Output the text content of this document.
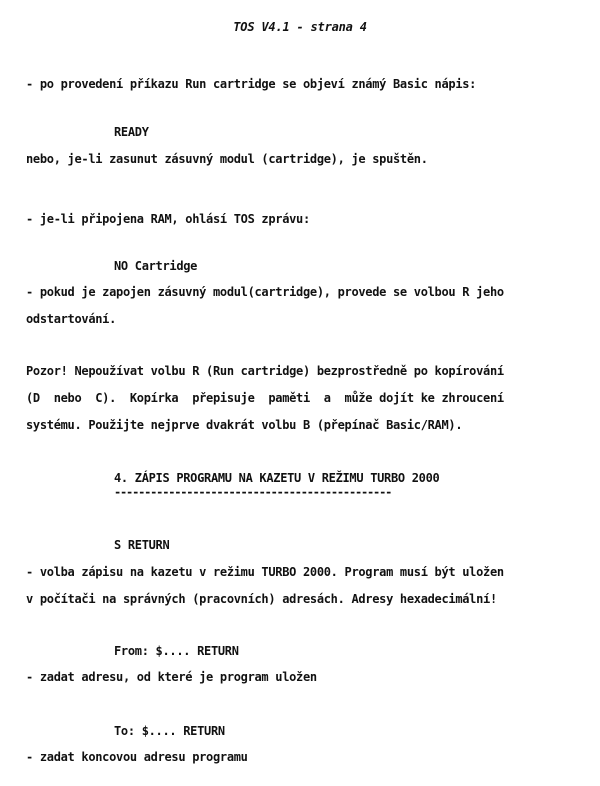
TOS V4.1 - strana 4
- po provedení příkazu Run cartridge se objeví známý Basic nápis:
READY
nebo, je-li zasunut zásuvný modul (cartridge), je spuštěn.
- je-li připojena RAM, ohlásí TOS zprávu:
NO Cartridge
- pokud je zapojen zásuvný modul(cartridge), provede se volbou R jeho
odstartování.
Pozor! Nepoužívat volbu R (Run cartridge) bezprostředně po kopírování
(D  nebo  C).  Kopírka  přepisuje  paměti  a  může dojít ke zhroucení
systému. Použijte nejprve dvakrát volbu B (přepínač Basic/RAM).
4. ZÁPIS PROGRAMU NA KAZETU V REŽIMU TURBO 2000
----------------------------------------------
S RETURN
- volba zápisu na kazetu v režimu TURBO 2000. Program musí být uložen
v počítači na správných (pracovních) adresách. Adresy hexadecimální!
From: $.... RETURN
- zadat adresu, od které je program uložen
To: $.... RETURN
- zadat koncovou adresu programu
